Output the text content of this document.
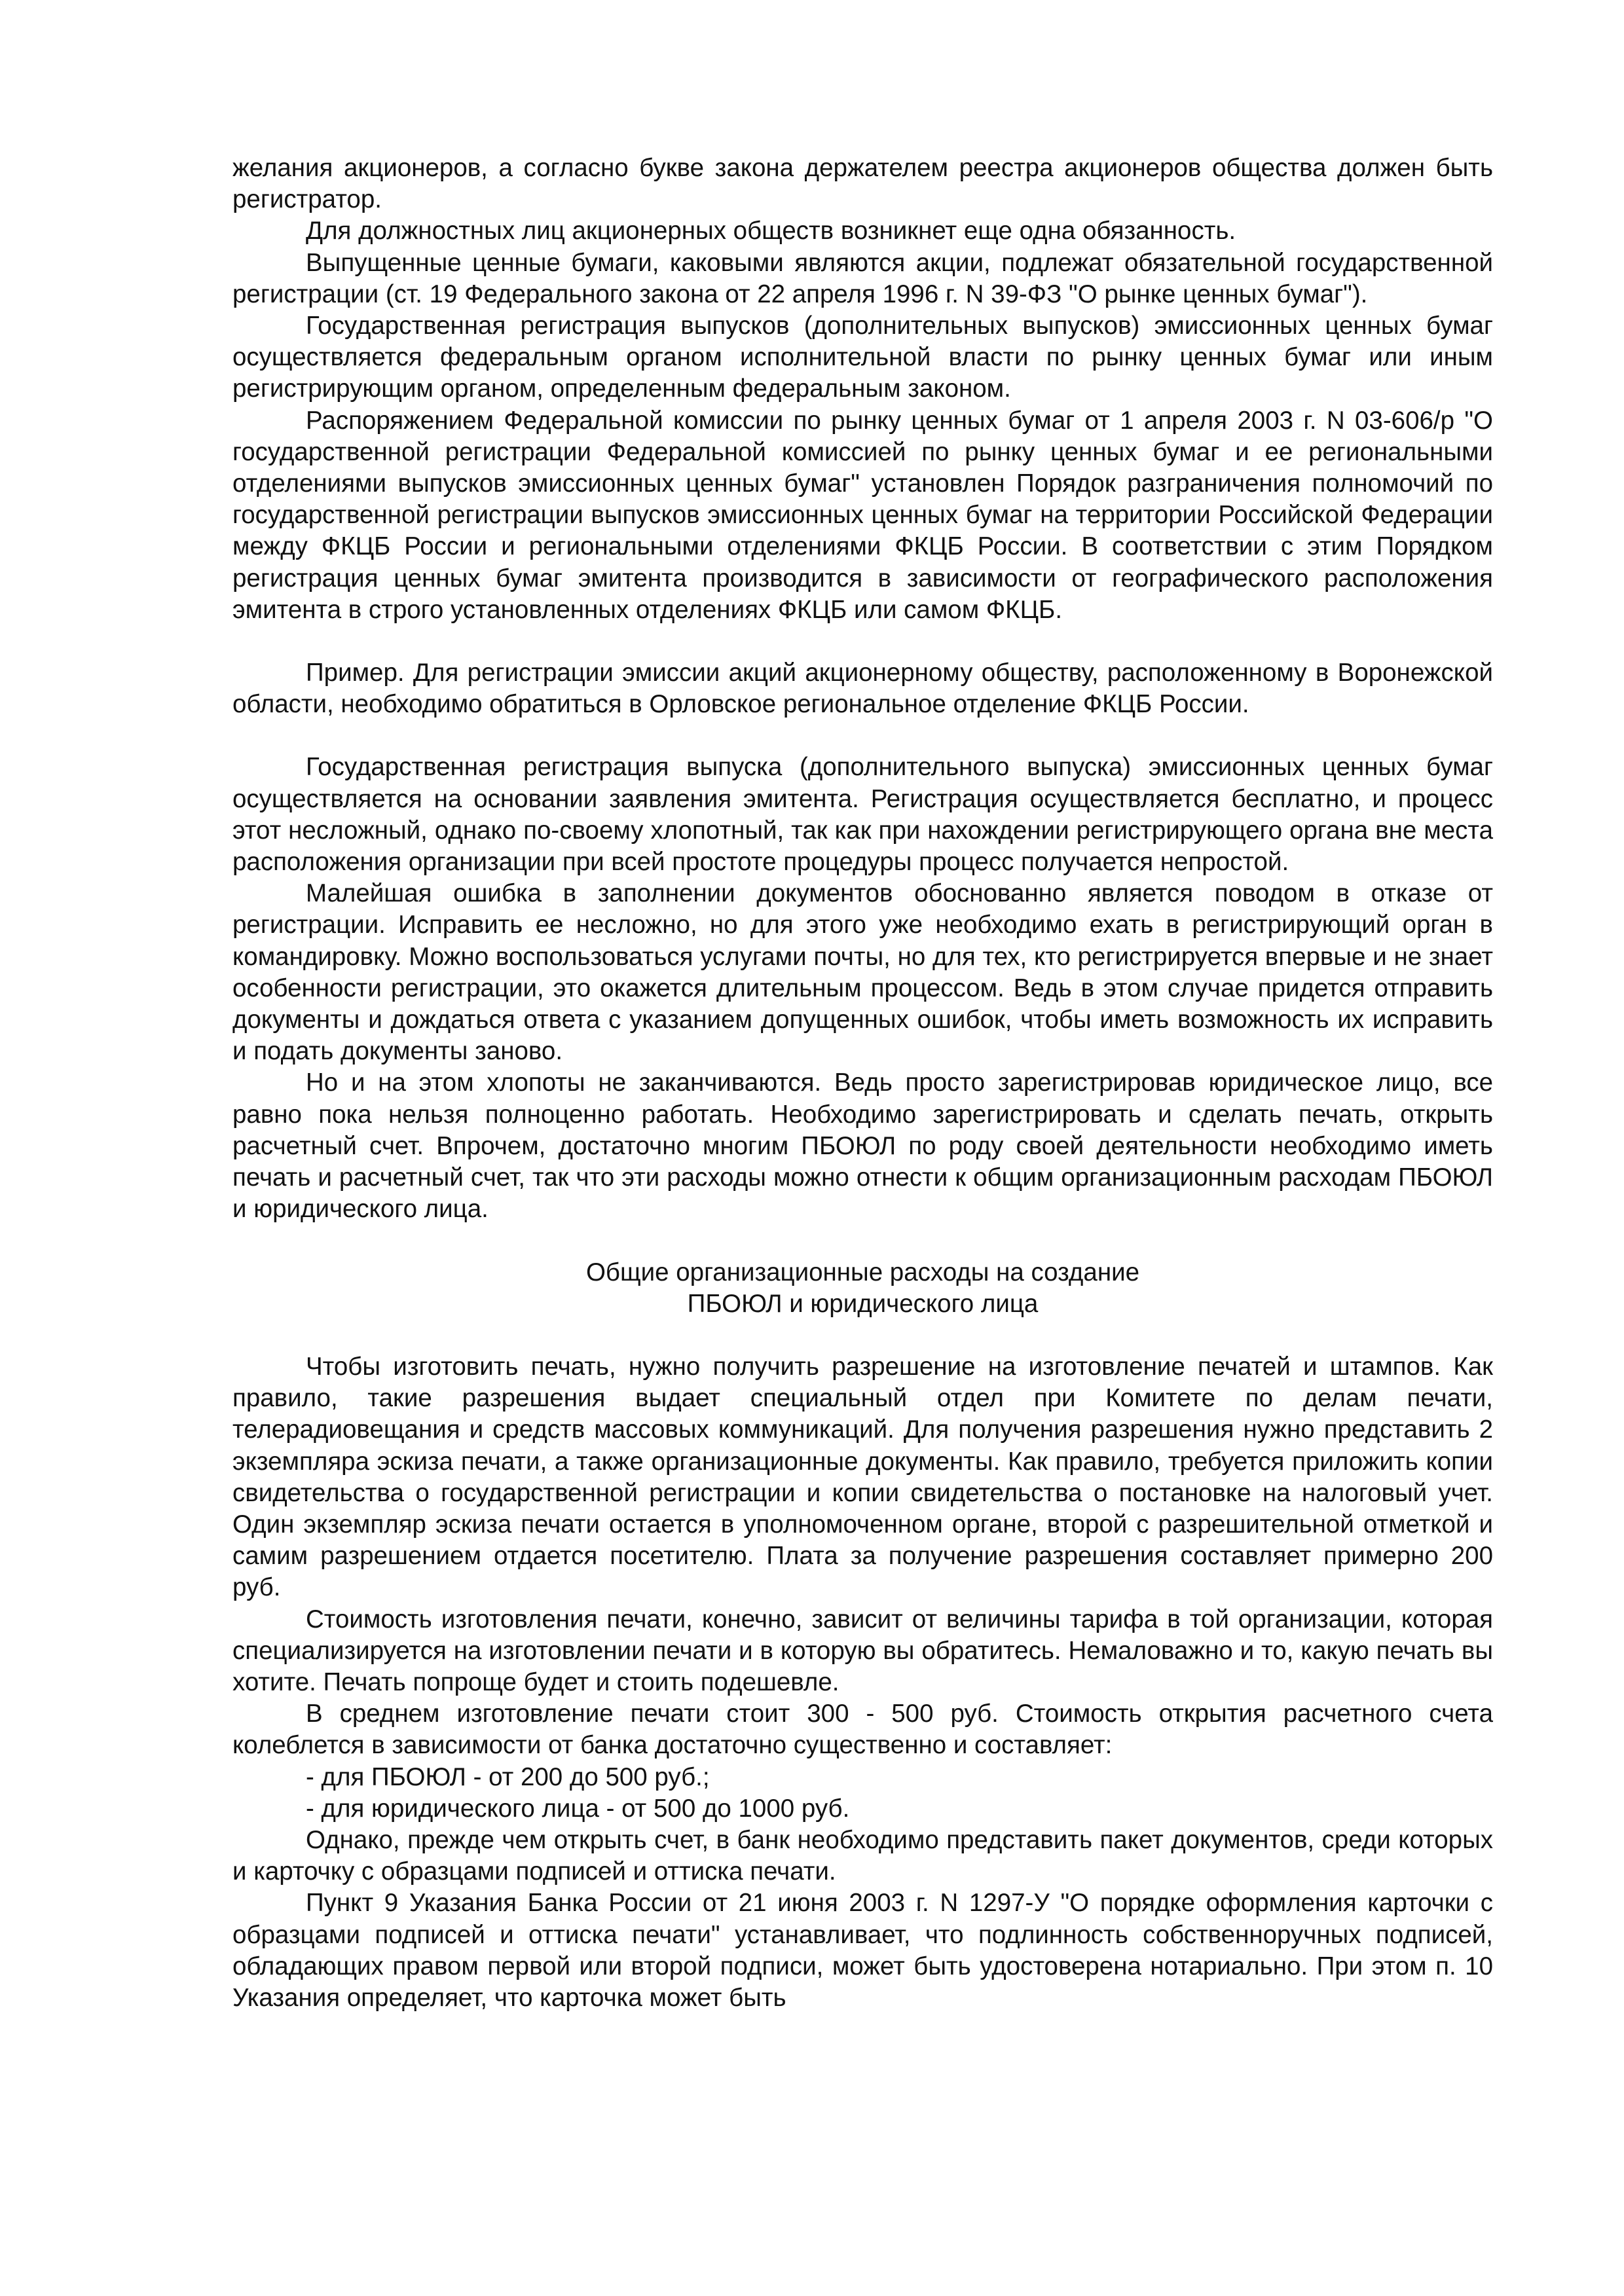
желания акционеров, а согласно букве закона держателем реестра акционеров общества должен быть регистратор.

Для должностных лиц акционерных обществ возникнет еще одна обязанность.

Выпущенные ценные бумаги, каковыми являются акции, подлежат обязательной государственной регистрации (ст. 19 Федерального закона от 22 апреля 1996 г. N 39-ФЗ "О рынке ценных бумаг").

Государственная регистрация выпусков (дополнительных выпусков) эмиссионных ценных бумаг осуществляется федеральным органом исполнительной власти по рынку ценных бумаг или иным регистрирующим органом, определенным федеральным законом.

Распоряжением Федеральной комиссии по рынку ценных бумаг от 1 апреля 2003 г. N 03-606/р "О государственной регистрации Федеральной комиссией по рынку ценных бумаг и ее региональными отделениями выпусков эмиссионных ценных бумаг" установлен Порядок разграничения полномочий по государственной регистрации выпусков эмиссионных ценных бумаг на территории Российской Федерации между ФКЦБ России и региональными отделениями ФКЦБ России. В соответствии с этим Порядком регистрация ценных бумаг эмитента производится в зависимости от географического расположения эмитента в строго установленных отделениях ФКЦБ или самом ФКЦБ.

Пример. Для регистрации эмиссии акций акционерному обществу, расположенному в Воронежской области, необходимо обратиться в Орловское региональное отделение ФКЦБ России.

Государственная регистрация выпуска (дополнительного выпуска) эмиссионных ценных бумаг осуществляется на основании заявления эмитента. Регистрация осуществляется бесплатно, и процесс этот несложный, однако по-своему хлопотный, так как при нахождении регистрирующего органа вне места расположения организации при всей простоте процедуры процесс получается непростой.

Малейшая ошибка в заполнении документов обоснованно является поводом в отказе от регистрации. Исправить ее несложно, но для этого уже необходимо ехать в регистрирующий орган в командировку. Можно воспользоваться услугами почты, но для тех, кто регистрируется впервые и не знает особенности регистрации, это окажется длительным процессом. Ведь в этом случае придется отправить документы и дождаться ответа с указанием допущенных ошибок, чтобы иметь возможность их исправить и подать документы заново.

Но и на этом хлопоты не заканчиваются. Ведь просто зарегистрировав юридическое лицо, все равно пока нельзя полноценно работать. Необходимо зарегистрировать и сделать печать, открыть расчетный счет. Впрочем, достаточно многим ПБОЮЛ по роду своей деятельности необходимо иметь печать и расчетный счет, так что эти расходы можно отнести к общим организационным расходам ПБОЮЛ и юридического лица.

Общие организационные расходы на создание

ПБОЮЛ и юридического лица

Чтобы изготовить печать, нужно получить разрешение на изготовление печатей и штампов. Как правило, такие разрешения выдает специальный отдел при Комитете по делам печати, телерадиовещания и средств массовых коммуникаций. Для получения разрешения нужно представить 2 экземпляра эскиза печати, а также организационные документы. Как правило, требуется приложить копии свидетельства о государственной регистрации и копии свидетельства о постановке на налоговый учет. Один экземпляр эскиза печати остается в уполномоченном органе, второй с разрешительной отметкой и самим разрешением отдается посетителю. Плата за получение разрешения составляет примерно 200 руб.

Стоимость изготовления печати, конечно, зависит от величины тарифа в той организации, которая специализируется на изготовлении печати и в которую вы обратитесь. Немаловажно и то, какую печать вы хотите. Печать попроще будет и стоить подешевле.

В среднем изготовление печати стоит 300 - 500 руб. Стоимость открытия расчетного счета колеблется в зависимости от банка достаточно существенно и составляет:

- для ПБОЮЛ - от 200 до 500 руб.;

- для юридического лица - от 500 до 1000 руб.

Однако, прежде чем открыть счет, в банк необходимо представить пакет документов, среди которых и карточку с образцами подписей и оттиска печати.

Пункт 9 Указания Банка России от 21 июня 2003 г. N 1297-У "О порядке оформления карточки с образцами подписей и оттиска печати" устанавливает, что подлинность собственноручных подписей, обладающих правом первой или второй подписи, может быть удостоверена нотариально. При этом п. 10 Указания определяет, что карточка может быть
